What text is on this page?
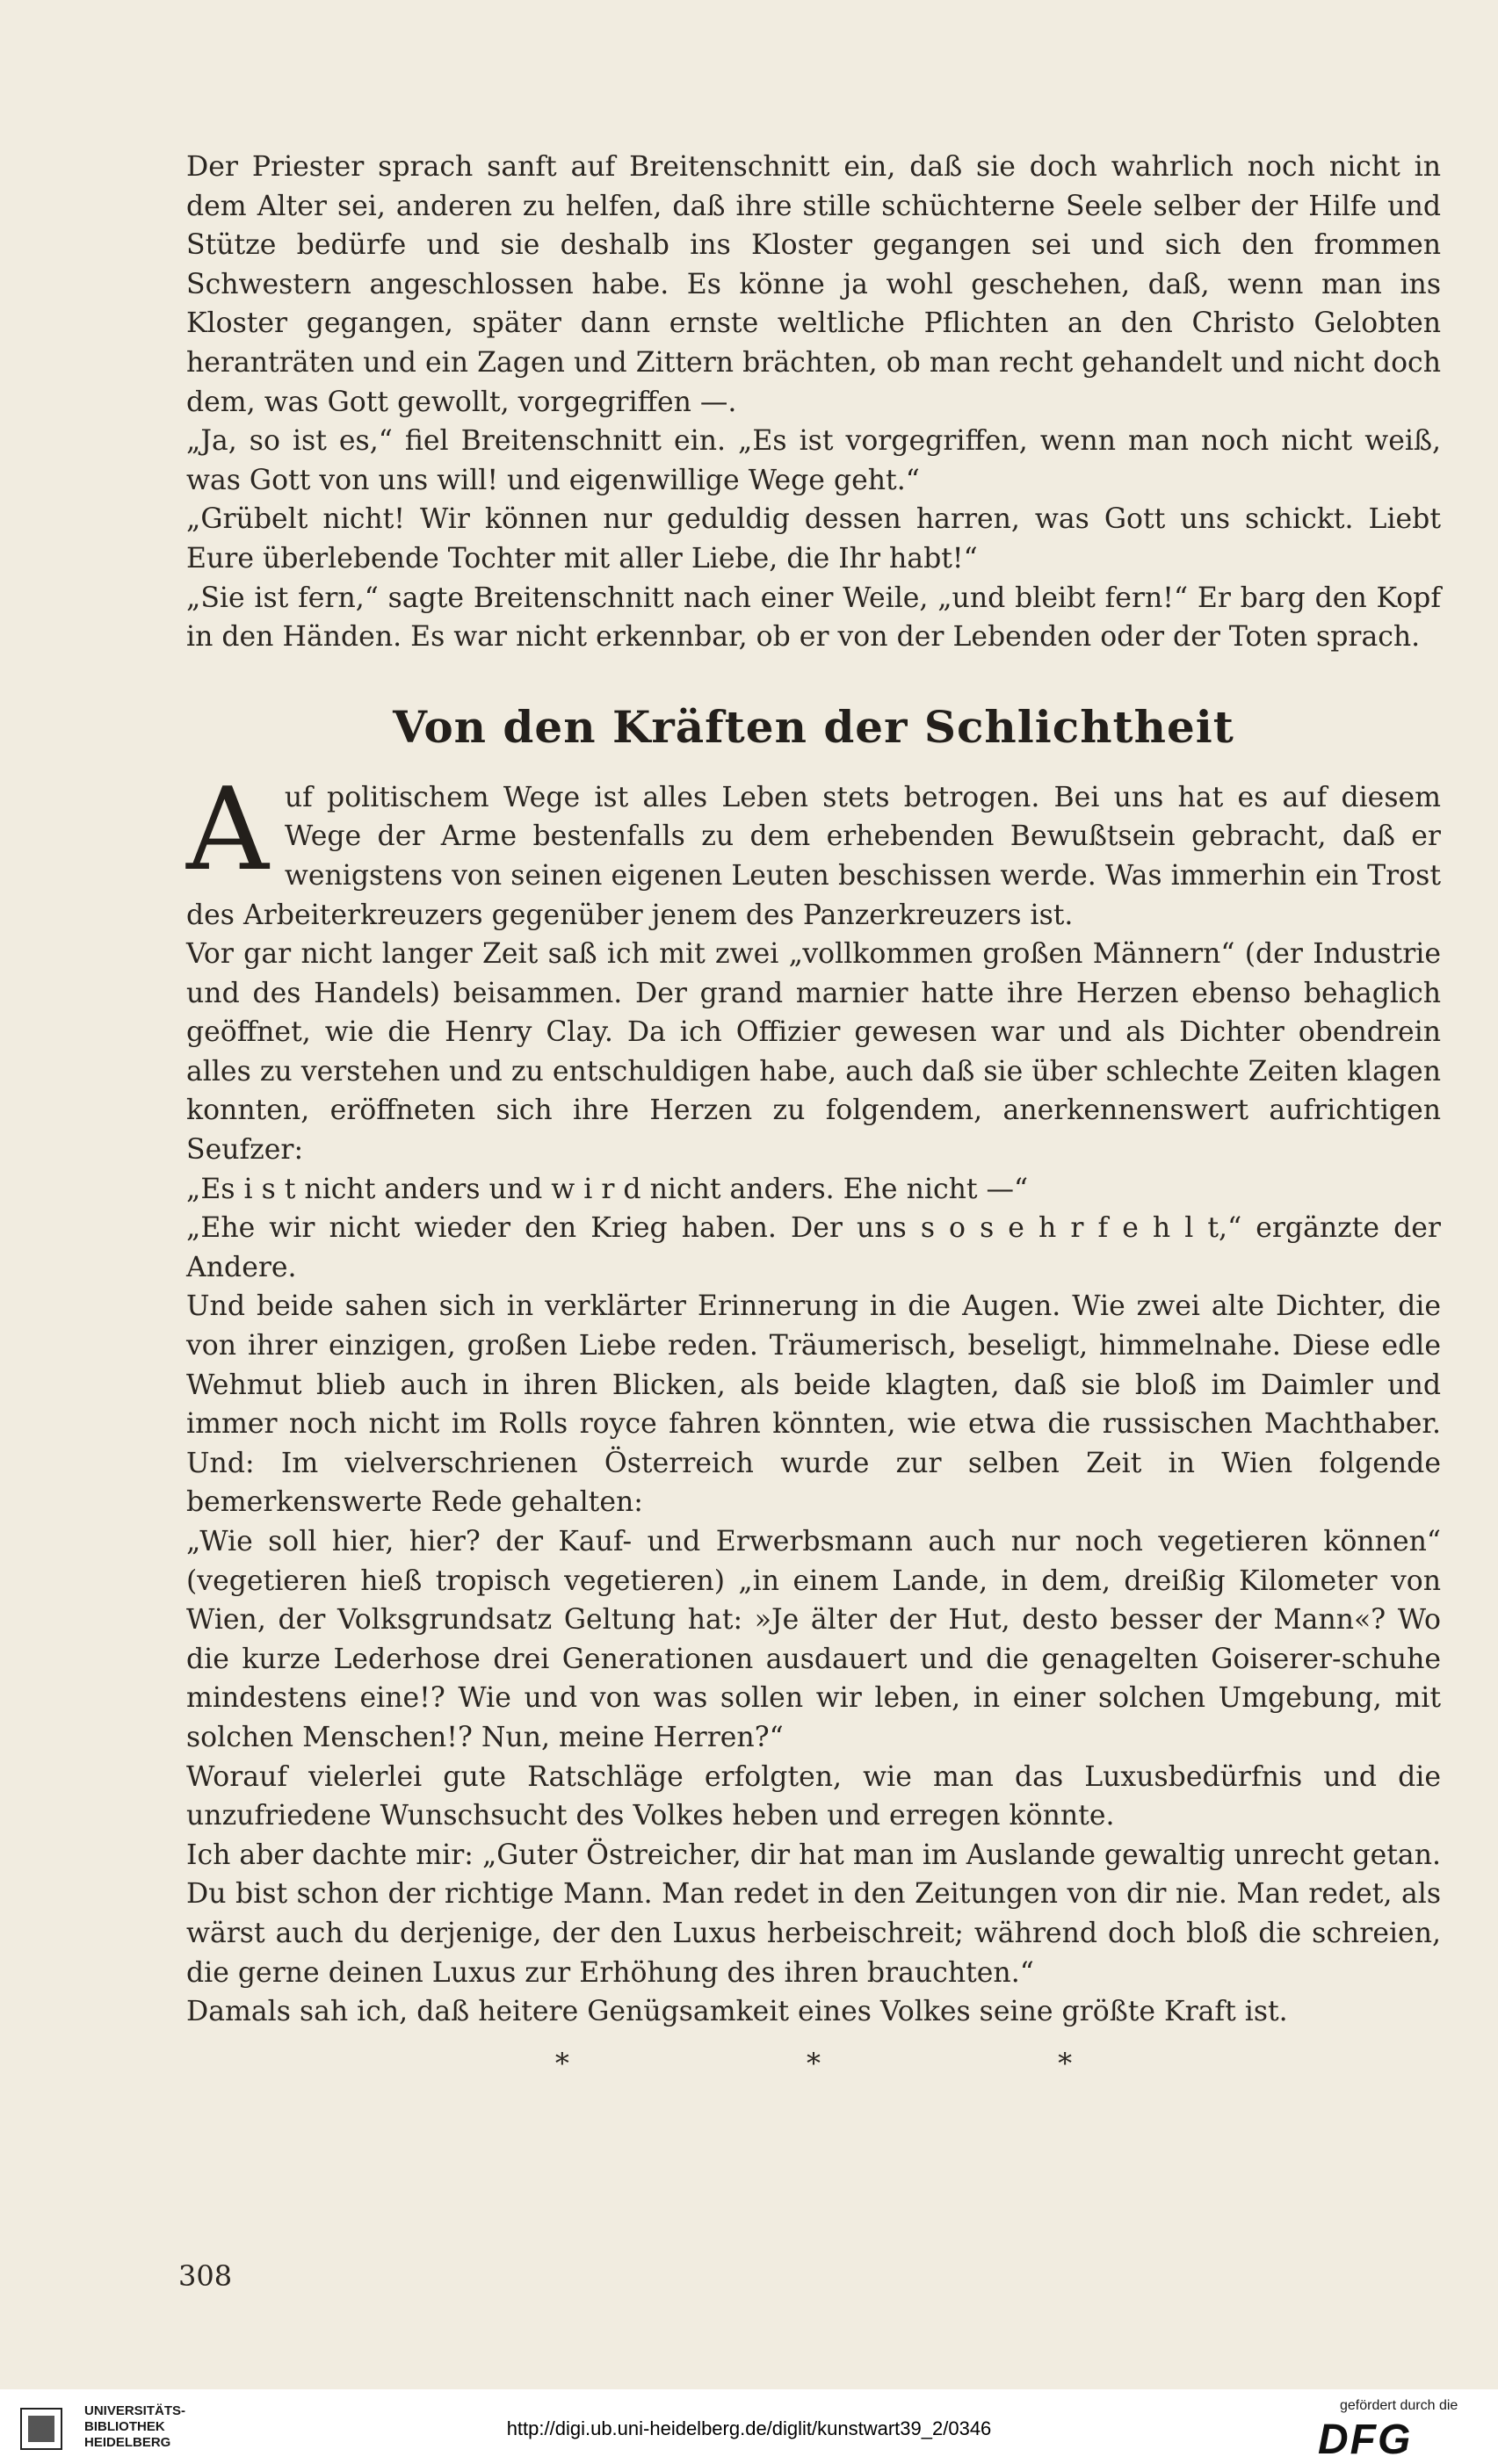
Der Priester sprach sanft auf Breitenschnitt ein, daß sie doch wahrlich noch nicht in dem Alter sei, anderen zu helfen, daß ihre stille schüchterne Seele selber der Hilfe und Stütze bedürfe und sie deshalb ins Kloster gegangen sei und sich den frommen Schwestern angeschlossen habe. Es könne ja wohl geschehen, daß, wenn man ins Kloster gegangen, später dann ernste weltliche Pflichten an den Christo Gelobten heranträten und ein Zagen und Zittern brächten, ob man recht gehandelt und nicht doch dem, was Gott gewollt, vorgegriffen —.

„Ja, so ist es,“ fiel Breitenschnitt ein. „Es ist vorgegriffen, wenn man noch nicht weiß, was Gott von uns will! und eigenwillige Wege geht.“

„Grübelt nicht! Wir können nur geduldig dessen harren, was Gott uns schickt. Liebt Eure überlebende Tochter mit aller Liebe, die Ihr habt!“

„Sie ist fern,“ sagte Breitenschnitt nach einer Weile, „und bleibt fern!“ Er barg den Kopf in den Händen. Es war nicht erkennbar, ob er von der Lebenden oder der Toten sprach.

Von den Kräften der Schlichtheit

Auf politischem Wege ist alles Leben stets betrogen. Bei uns hat es auf diesem Wege der Arme bestenfalls zu dem erhebenden Bewußtsein gebracht, daß er wenigstens von seinen eigenen Leuten beschissen werde. Was immerhin ein Trost des Arbeiterkreuzers gegenüber jenem des Panzerkreuzers ist.

Vor gar nicht langer Zeit saß ich mit zwei „vollkommen großen Männern“ (der Industrie und des Handels) beisammen. Der grand marnier hatte ihre Herzen ebenso behaglich geöffnet, wie die Henry Clay. Da ich Offizier gewesen war und als Dichter obendrein alles zu verstehen und zu entschuldigen habe, auch daß sie über schlechte Zeiten klagen konnten, eröffneten sich ihre Herzen zu folgendem, anerkennenswert aufrichtigen Seufzer:

„Es i s t nicht anders und w i r d nicht anders. Ehe nicht —“

„Ehe wir nicht wieder den Krieg haben. Der uns s o s e h r f e h l t,“ ergänzte der Andere.

Und beide sahen sich in verklärter Erinnerung in die Augen. Wie zwei alte Dichter, die von ihrer einzigen, großen Liebe reden. Träumerisch, beseligt, himmelnahe. Diese edle Wehmut blieb auch in ihren Blicken, als beide klagten, daß sie bloß im Daimler und immer noch nicht im Rolls royce fahren könnten, wie etwa die russischen Machthaber. Und: Im vielverschrienen Österreich wurde zur selben Zeit in Wien folgende bemerkenswerte Rede gehalten:

„Wie soll hier, hier? der Kauf- und Erwerbsmann auch nur noch vegetieren können“ (vegetieren hieß tropisch vegetieren) „in einem Lande, in dem, dreißig Kilometer von Wien, der Volksgrundsatz Geltung hat: »Je älter der Hut, desto besser der Mann«? Wo die kurze Lederhose drei Generationen ausdauert und die genagelten Goiserer-schuhe mindestens eine!? Wie und von was sollen wir leben, in einer solchen Umgebung, mit solchen Menschen!? Nun, meine Herren?“

Worauf vielerlei gute Ratschläge erfolgten, wie man das Luxusbedürfnis und die unzufriedene Wunschsucht des Volkes heben und erregen könnte.

Ich aber dachte mir: „Guter Östreicher, dir hat man im Auslande gewaltig unrecht getan. Du bist schon der richtige Mann. Man redet in den Zeitungen von dir nie. Man redet, als wärst auch du derjenige, der den Luxus herbeischreit; während doch bloß die schreien, die gerne deinen Luxus zur Erhöhung des ihren brauchten.“

Damals sah ich, daß heitere Genügsamkeit eines Volkes seine größte Kraft ist.

* * *
308
UNIVERSITÄTS-
BIBLIOTHEK
HEIDELBERG
http://digi.ub.uni-heidelberg.de/diglit/kunstwart39_2/0346
gefördert durch die
DFG
